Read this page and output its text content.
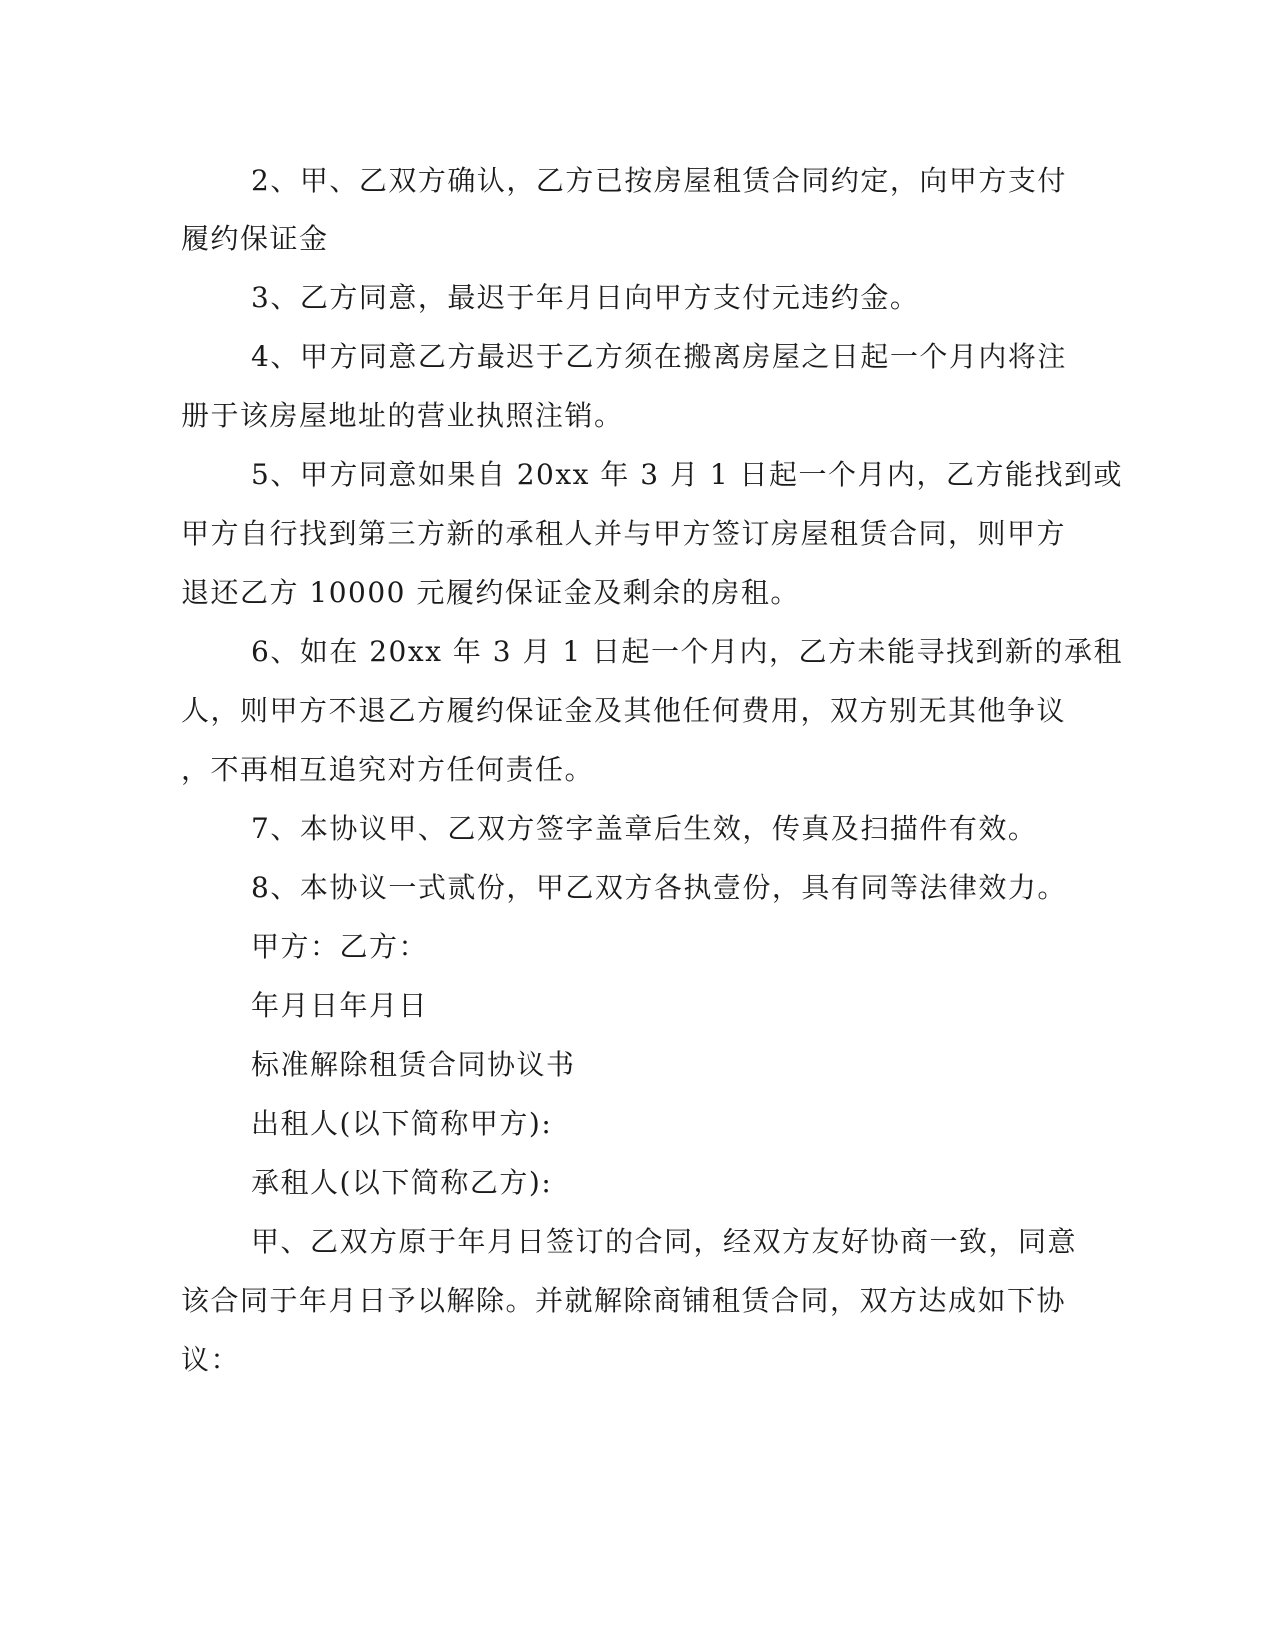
2、甲、乙双方确认，乙方已按房屋租赁合同约定，向甲方支付
履约保证金
3、乙方同意，最迟于年月日向甲方支付元违约金。
4、甲方同意乙方最迟于乙方须在搬离房屋之日起一个月内将注
册于该房屋地址的营业执照注销。
5、甲方同意如果自 20xx 年 3 月 1 日起一个月内，乙方能找到或
甲方自行找到第三方新的承租人并与甲方签订房屋租赁合同，则甲方
退还乙方 10000 元履约保证金及剩余的房租。
6、如在 20xx 年 3 月 1 日起一个月内，乙方未能寻找到新的承租
人，则甲方不退乙方履约保证金及其他任何费用，双方别无其他争议
，不再相互追究对方任何责任。
7、本协议甲、乙双方签字盖章后生效，传真及扫描件有效。
8、本协议一式贰份，甲乙双方各执壹份，具有同等法律效力。
甲方：乙方：
年月日年月日
标准解除租赁合同协议书
出租人(以下简称甲方):
承租人(以下简称乙方):
甲、乙双方原于年月日签订的合同，经双方友好协商一致，同意
该合同于年月日予以解除。并就解除商铺租赁合同，双方达成如下协
议：
